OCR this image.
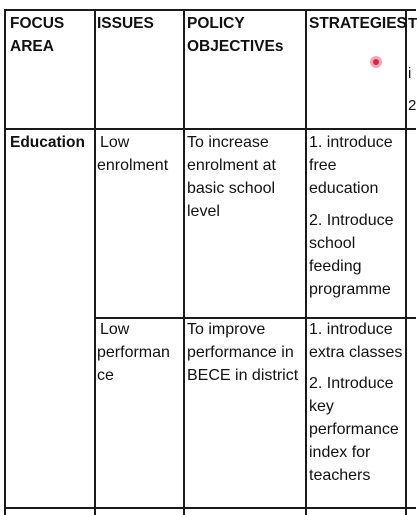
FOCUS
AREA
ISSUES POLICY
OBJECTIVEs
STRATEGIES T
Education Low
enrolment
To increase
enrolment at
basic school
level
1. introduce
free
education
2. Introduce
school
feeding
programme
Low
performan
ce
To improve
performance in
BECE in district
1. introduce
extra classes
2. Introduce
key
performance
index for
teachers
i
2
